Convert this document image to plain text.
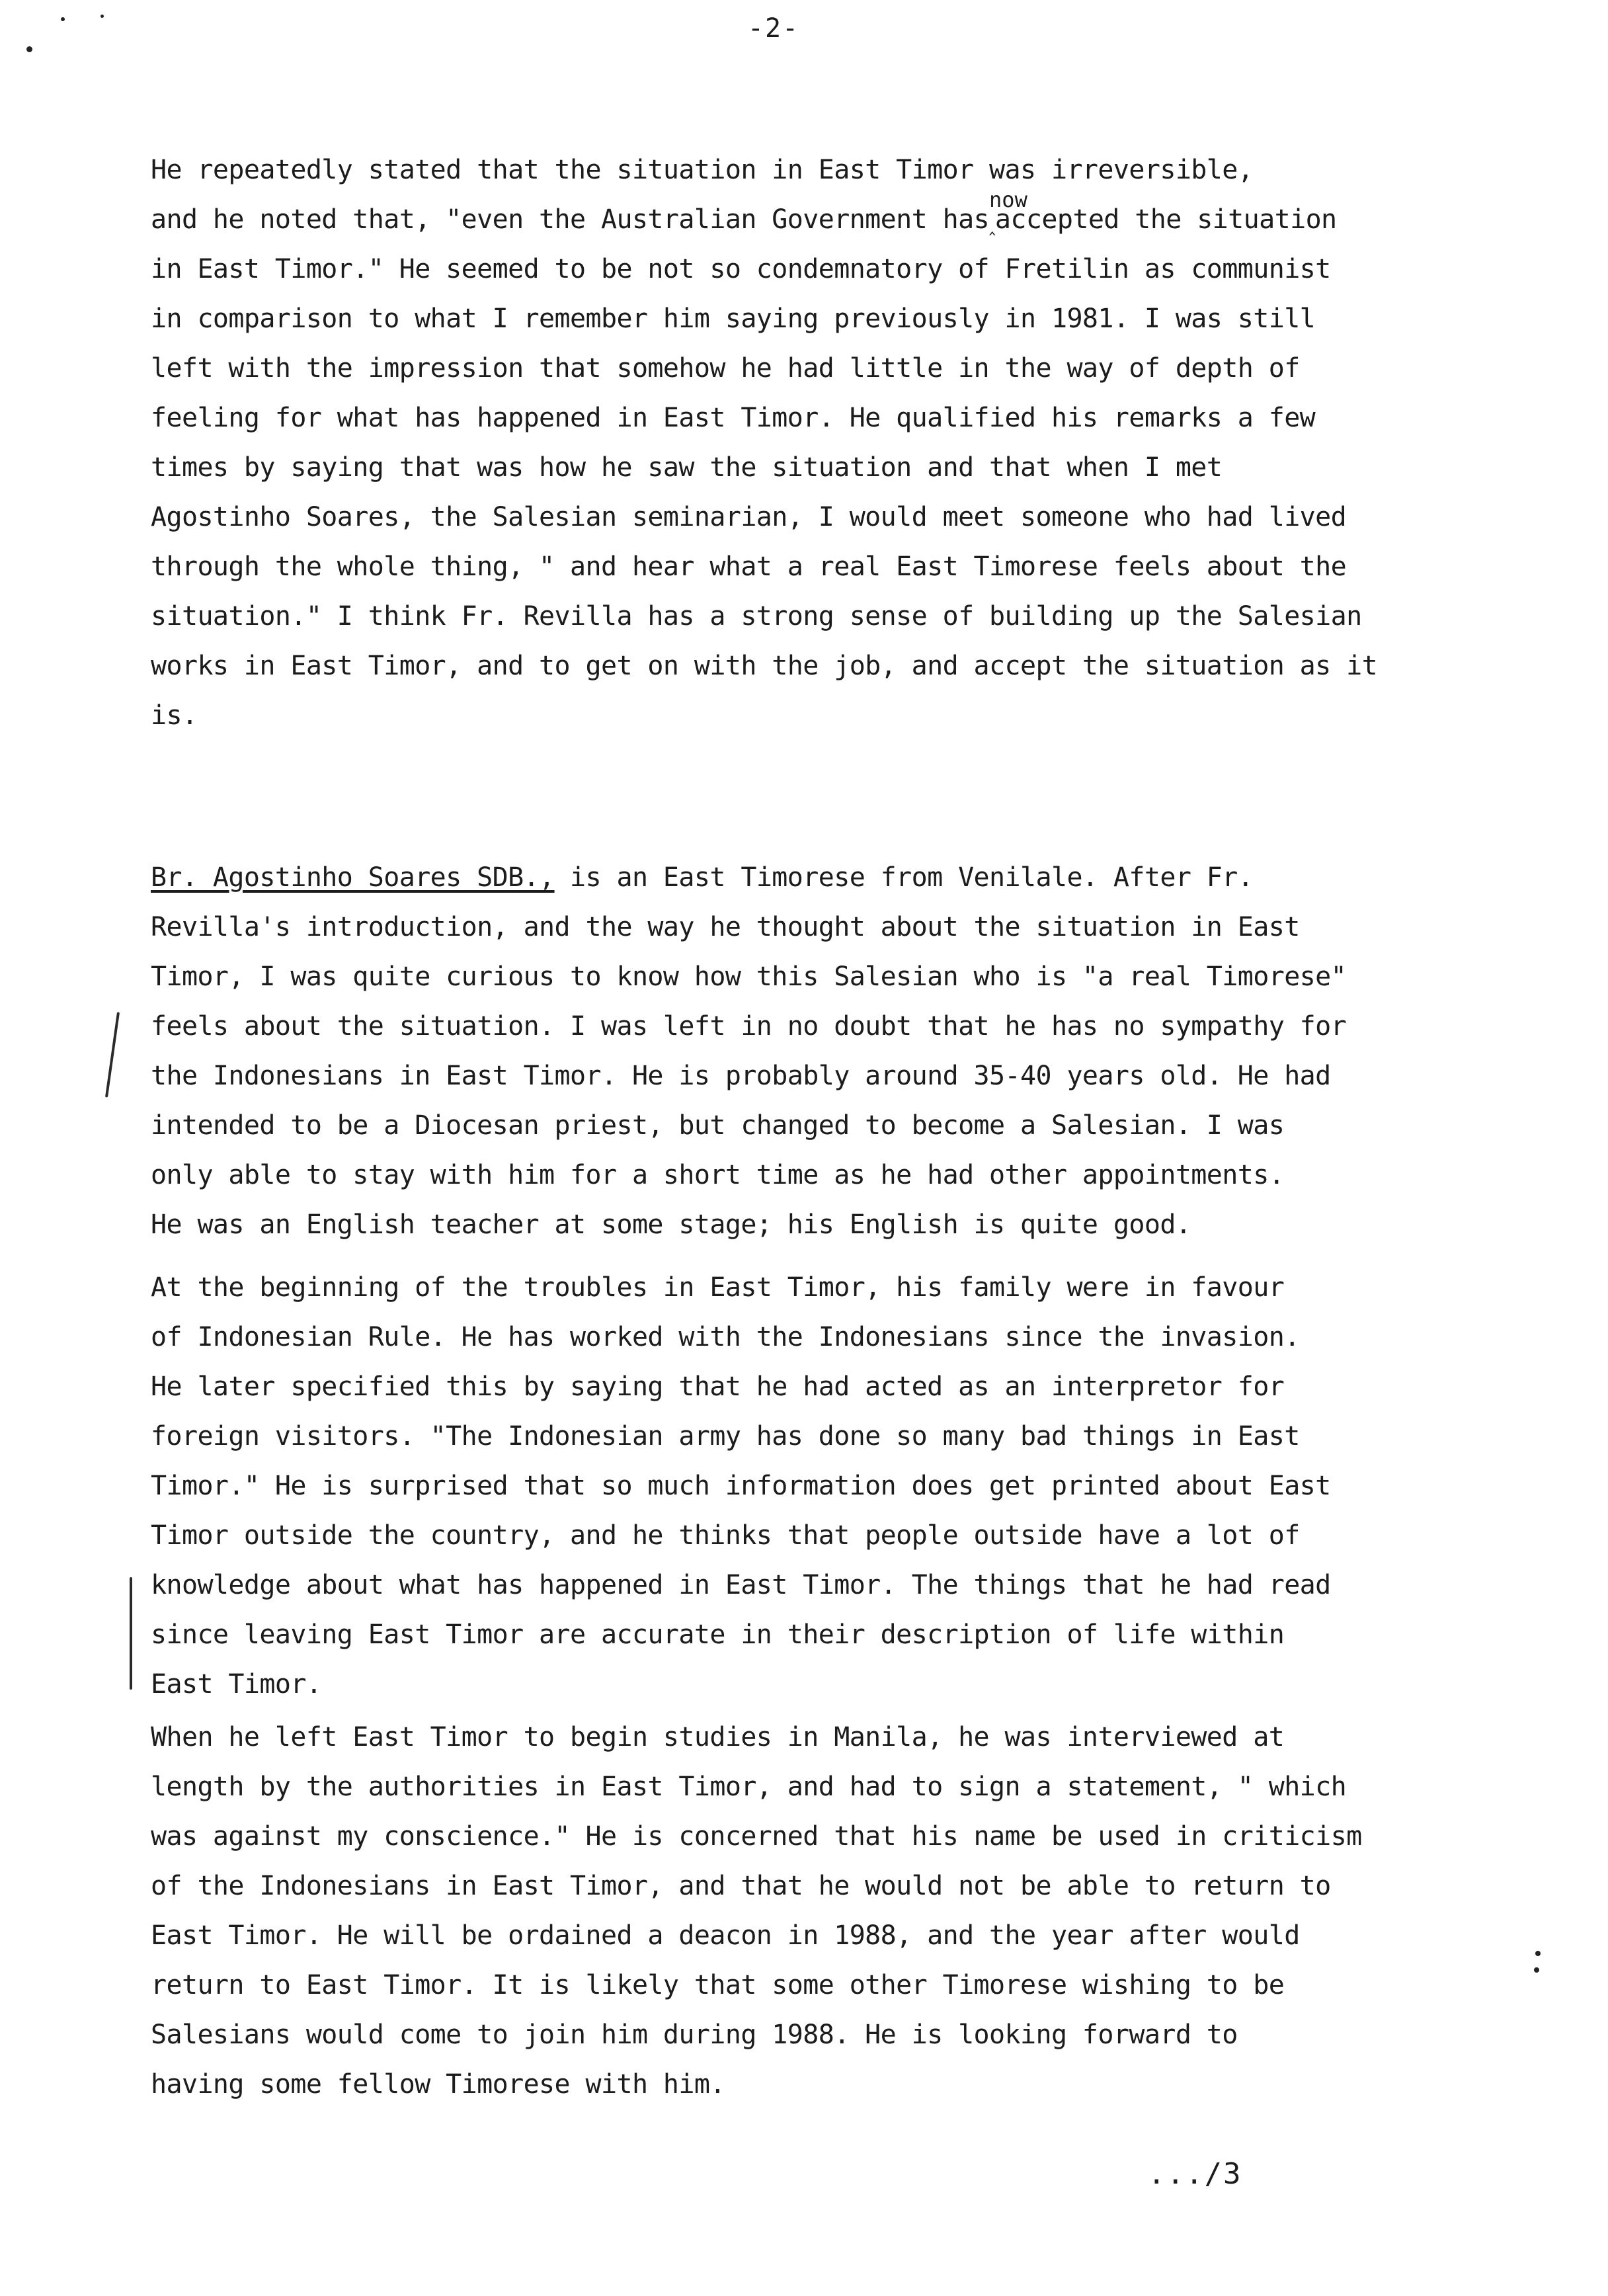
-2-
He repeatedly stated that the situation in East Timor was irreversible,
and he noted that, "even the Australian Government has
now
‸accepted the situation
in East Timor." He seemed to be not so condemnatory of Fretilin as communist
in comparison to what I remember him saying previously in 1981. I was still
left with the impression that somehow he had little in the way of depth of
feeling for what has happened in East Timor. He qualified his remarks a few
times by saying that was how he saw the situation and that when I met
Agostinho Soares, the Salesian seminarian, I would meet someone who had lived
through the whole thing, " and hear what a real East Timorese feels about the
situation." I think Fr. Revilla has a strong sense of building up the Salesian
works in East Timor, and to get on with the job, and accept the situation as it
is.
Br. Agostinho Soares SDB., is an East Timorese from Venilale. After Fr.
Revilla's introduction, and the way he thought about the situation in East
Timor, I was quite curious to know how this Salesian who is "a real Timorese"
feels about the situation. I was left in no doubt that he has no sympathy for
the Indonesians in East Timor. He is probably around 35-40 years old. He had
intended to be a Diocesan priest, but changed to become a Salesian. I was
only able to stay with him for a short time as he had other appointments.
He was an English teacher at some stage; his English is quite good.
At the beginning of the troubles in East Timor, his family were in favour
of Indonesian Rule. He has worked with the Indonesians since the invasion.
He later specified this by saying that he had acted as an interpretor for
foreign visitors. "The Indonesian army has done so many bad things in East
Timor." He is surprised that so much information does get printed about East
Timor outside the country, and he thinks that people outside have a lot of
knowledge about what has happened in East Timor. The things that he had read
since leaving East Timor are accurate in their description of life within
East Timor.
When he left East Timor to begin studies in Manila, he was interviewed at
length by the authorities in East Timor, and had to sign a statement, " which
was against my conscience." He is concerned that his name be used in criticism
of the Indonesians in East Timor, and that he would not be able to return to
East Timor. He will be ordained a deacon in 1988, and the year after would
return to East Timor. It is likely that some other Timorese wishing to be
Salesians would come to join him during 1988. He is looking forward to
having some fellow Timorese with him.
.../3
